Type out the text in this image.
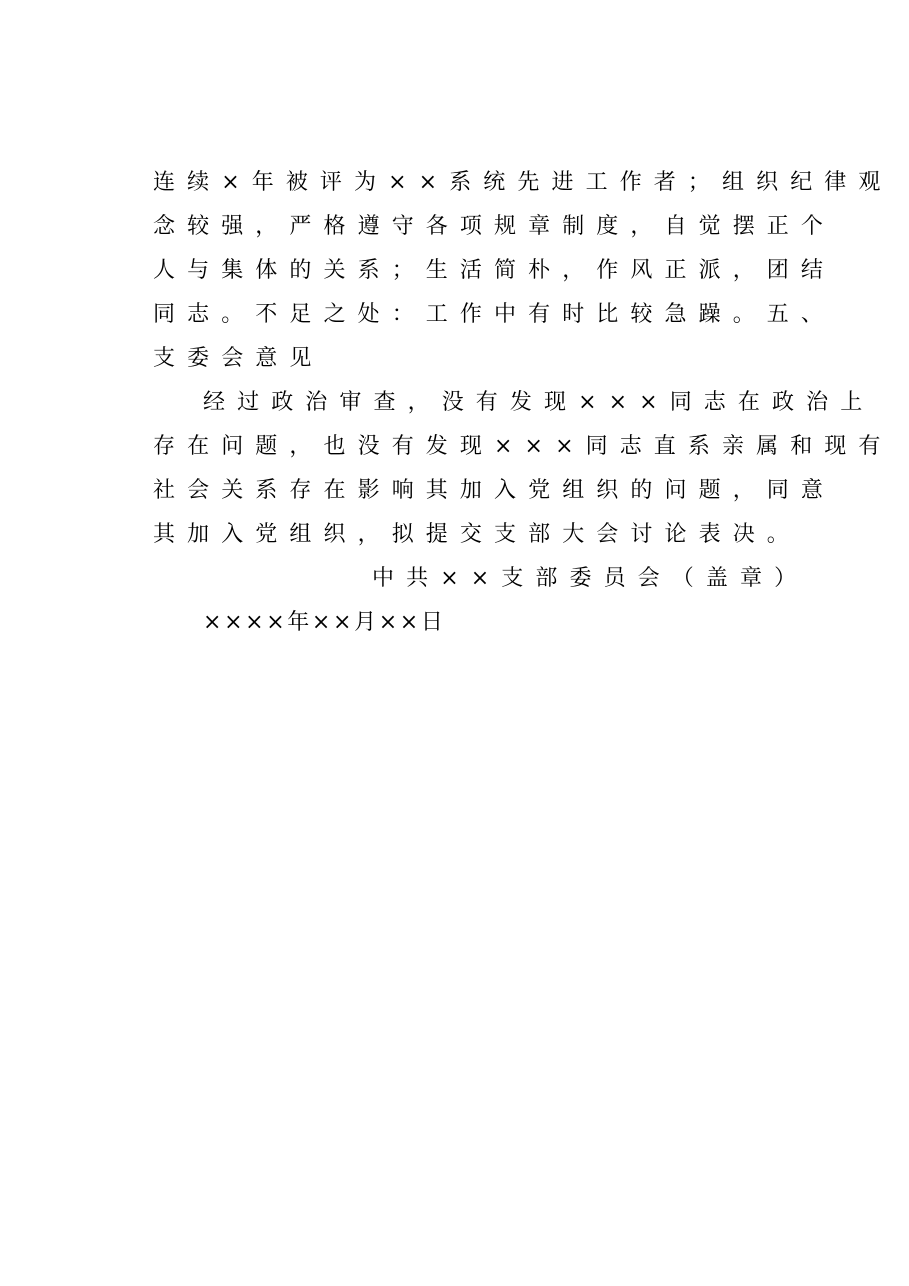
连续×年被评为××系统先进工作者；组织纪律观
念较强，严格遵守各项规章制度，自觉摆正个
人与集体的关系；生活简朴，作风正派，团结
同志。不足之处：工作中有时比较急躁。五、
支委会意见
经过政治审查，没有发现×××同志在政治上
存在问题，也没有发现×××同志直系亲属和现有
社会关系存在影响其加入党组织的问题，同意
其加入党组织，拟提交支部大会讨论表决。
中共××支部委员会（盖章）
××××年××月××日
